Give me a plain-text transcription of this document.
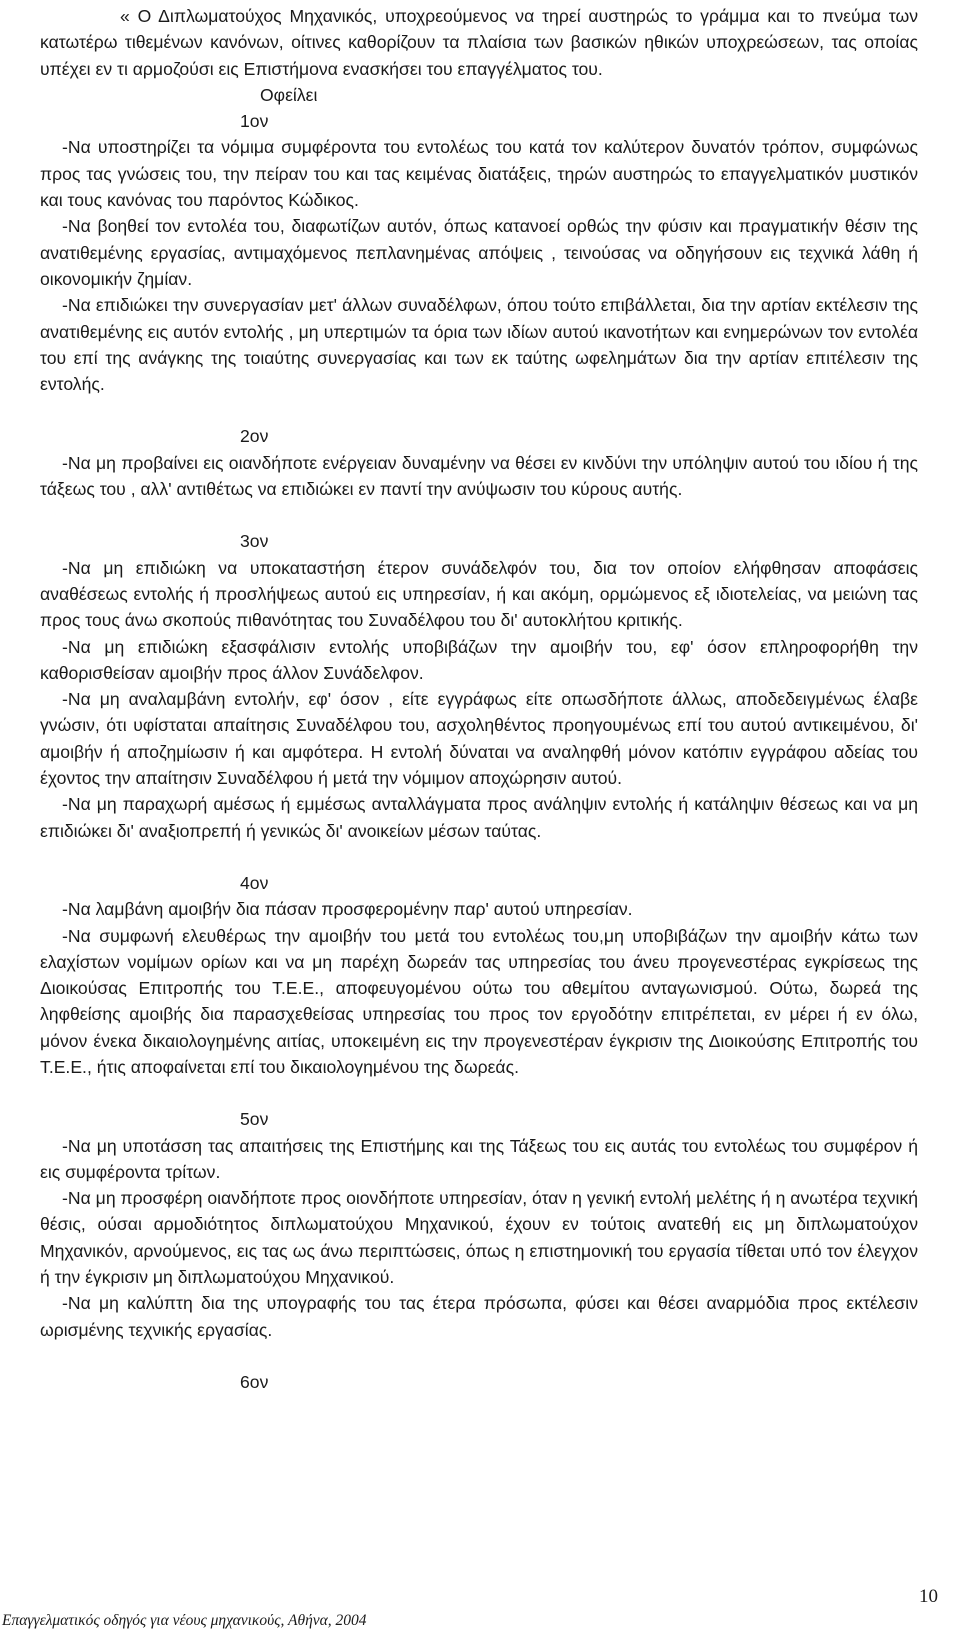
« Ο Διπλωματούχος Μηχανικός, υποχρεούμενος να τηρεί αυστηρώς το γράμμα και το πνεύμα των κατωτέρω τιθεμένων κανόνων, οίτινες καθορίζουν τα πλαίσια των βασικών ηθικών υποχρεώσεων, τας οποίας υπέχει εν τι αρμοζούσι εις Επιστήμονα ενασκήσει του επαγγέλματος του.

Οφείλει

1ον

-Να υποστηρίζει τα νόμιμα συμφέροντα του εντολέως του κατά τον καλύτερον δυνατόν τρόπον, συμφώνως προς τας γνώσεις του, την πείραν του και τας κειμένας διατάξεις, τηρών αυστηρώς το επαγγελματικόν μυστικόν και τους κανόνας του παρόντος Κώδικος.

-Να βοηθεί τον εντολέα του, διαφωτίζων αυτόν, όπως κατανοεί ορθώς την φύσιν και πραγματικήν θέσιν της ανατιθεμένης εργασίας, αντιμαχόμενος πεπλανημένας απόψεις , τεινούσας να οδηγήσουν εις τεχνικά λάθη ή οικονομικήν ζημίαν.

-Να επιδιώκει την συνεργασίαν μετ' άλλων συναδέλφων, όπου τούτο επιβάλλεται, δια την αρτίαν εκτέλεσιν της ανατιθεμένης εις αυτόν εντολής , μη υπερτιμών τα όρια των ιδίων αυτού ικανοτήτων και ενημερώνων τον εντολέα του επί της ανάγκης της τοιαύτης συνεργασίας και των εκ ταύτης ωφελημάτων δια την αρτίαν επιτέλεσιν της εντολής.

2ον

-Να μη προβαίνει εις οιανδήποτε ενέργειαν δυναμένην να θέσει εν κινδύνι την υπόληψιν αυτού του ιδίου ή της τάξεως του , αλλ' αντιθέτως να επιδιώκει εν παντί την ανύψωσιν του κύρους αυτής.

3ον

-Να μη επιδιώκη να υποκαταστήση έτερον συνάδελφόν του, δια τον οποίον ελήφθησαν αποφάσεις αναθέσεως εντολής ή προσλήψεως αυτού εις υπηρεσίαν, ή και ακόμη, ορμώμενος εξ ιδιοτελείας, να μειώνη τας προς τους άνω σκοπούς πιθανότητας του Συναδέλφου του δι' αυτοκλήτου κριτικής.

-Να μη επιδιώκη εξασφάλισιν εντολής υποβιβάζων την αμοιβήν του, εφ' όσον επληροφορήθη την καθορισθείσαν αμοιβήν προς άλλον Συνάδελφον.

-Να μη αναλαμβάνη εντολήν, εφ' όσον , είτε εγγράφως είτε οπωσδήποτε άλλως, αποδεδειγμένως έλαβε γνώσιν, ότι υφίσταται απαίτησις Συναδέλφου του, ασχοληθέντος προηγουμένως επί του αυτού αντικειμένου, δι' αμοιβήν ή αποζημίωσιν ή και αμφότερα. Η εντολή δύναται να αναληφθή μόνον κατόπιν εγγράφου αδείας του έχοντος την απαίτησιν Συναδέλφου ή μετά την νόμιμον αποχώρησιν αυτού.

-Να μη παραχωρή αμέσως ή εμμέσως ανταλλάγματα προς ανάληψιν εντολής ή κατάληψιν θέσεως και να μη επιδιώκει δι' αναξιοπρεπή ή γενικώς δι' ανοικείων μέσων ταύτας.

4ον

-Να λαμβάνη αμοιβήν δια πάσαν προσφερομένην παρ' αυτού υπηρεσίαν.

-Να συμφωνή ελευθέρως την αμοιβήν του μετά του εντολέως του,μη υποβιβάζων την αμοιβήν κάτω των ελαχίστων νομίμων ορίων και να μη παρέχη δωρεάν τας υπηρεσίας του άνευ προγενεστέρας εγκρίσεως της Διοικούσας Επιτροπής του Τ.Ε.Ε., αποφευγομένου ούτω του αθεμίτου ανταγωνισμού. Ούτω, δωρεά της ληφθείσης αμοιβής δια παρασχεθείσας υπηρεσίας του προς τον εργοδότην επιτρέπεται, εν μέρει ή εν όλω, μόνον ένεκα δικαιολογημένης αιτίας, υποκειμένη εις την προγενεστέραν έγκρισιν της Διοικούσης Επιτροπής του Τ.Ε.Ε., ήτις αποφαίνεται επί του δικαιολογημένου της δωρεάς.

5ον

-Να μη υποτάσση τας απαιτήσεις της Επιστήμης και της Τάξεως του εις αυτάς του εντολέως του συμφέρον ή εις συμφέροντα τρίτων.

-Να μη προσφέρη οιανδήποτε προς οιονδήποτε υπηρεσίαν, όταν η γενική εντολή μελέτης ή η ανωτέρα τεχνική θέσις, ούσαι αρμοδιότητος διπλωματούχου Μηχανικού, έχουν εν τούτοις ανατεθή εις μη διπλωματούχον Μηχανικόν, αρνούμενος, εις τας ως άνω περιπτώσεις, όπως η επιστημονική του εργασία τίθεται υπό τον έλεγχον ή την έγκρισιν μη διπλωματούχου Μηχανικού.

-Να μη καλύπτη δια της υπογραφής του τας έτερα πρόσωπα, φύσει και θέσει αναρμόδια προς εκτέλεσιν ωρισμένης τεχνικής εργασίας.

6ον

10
Επαγγελματικός οδηγός για νέους μηχανικούς, Αθήνα, 2004
